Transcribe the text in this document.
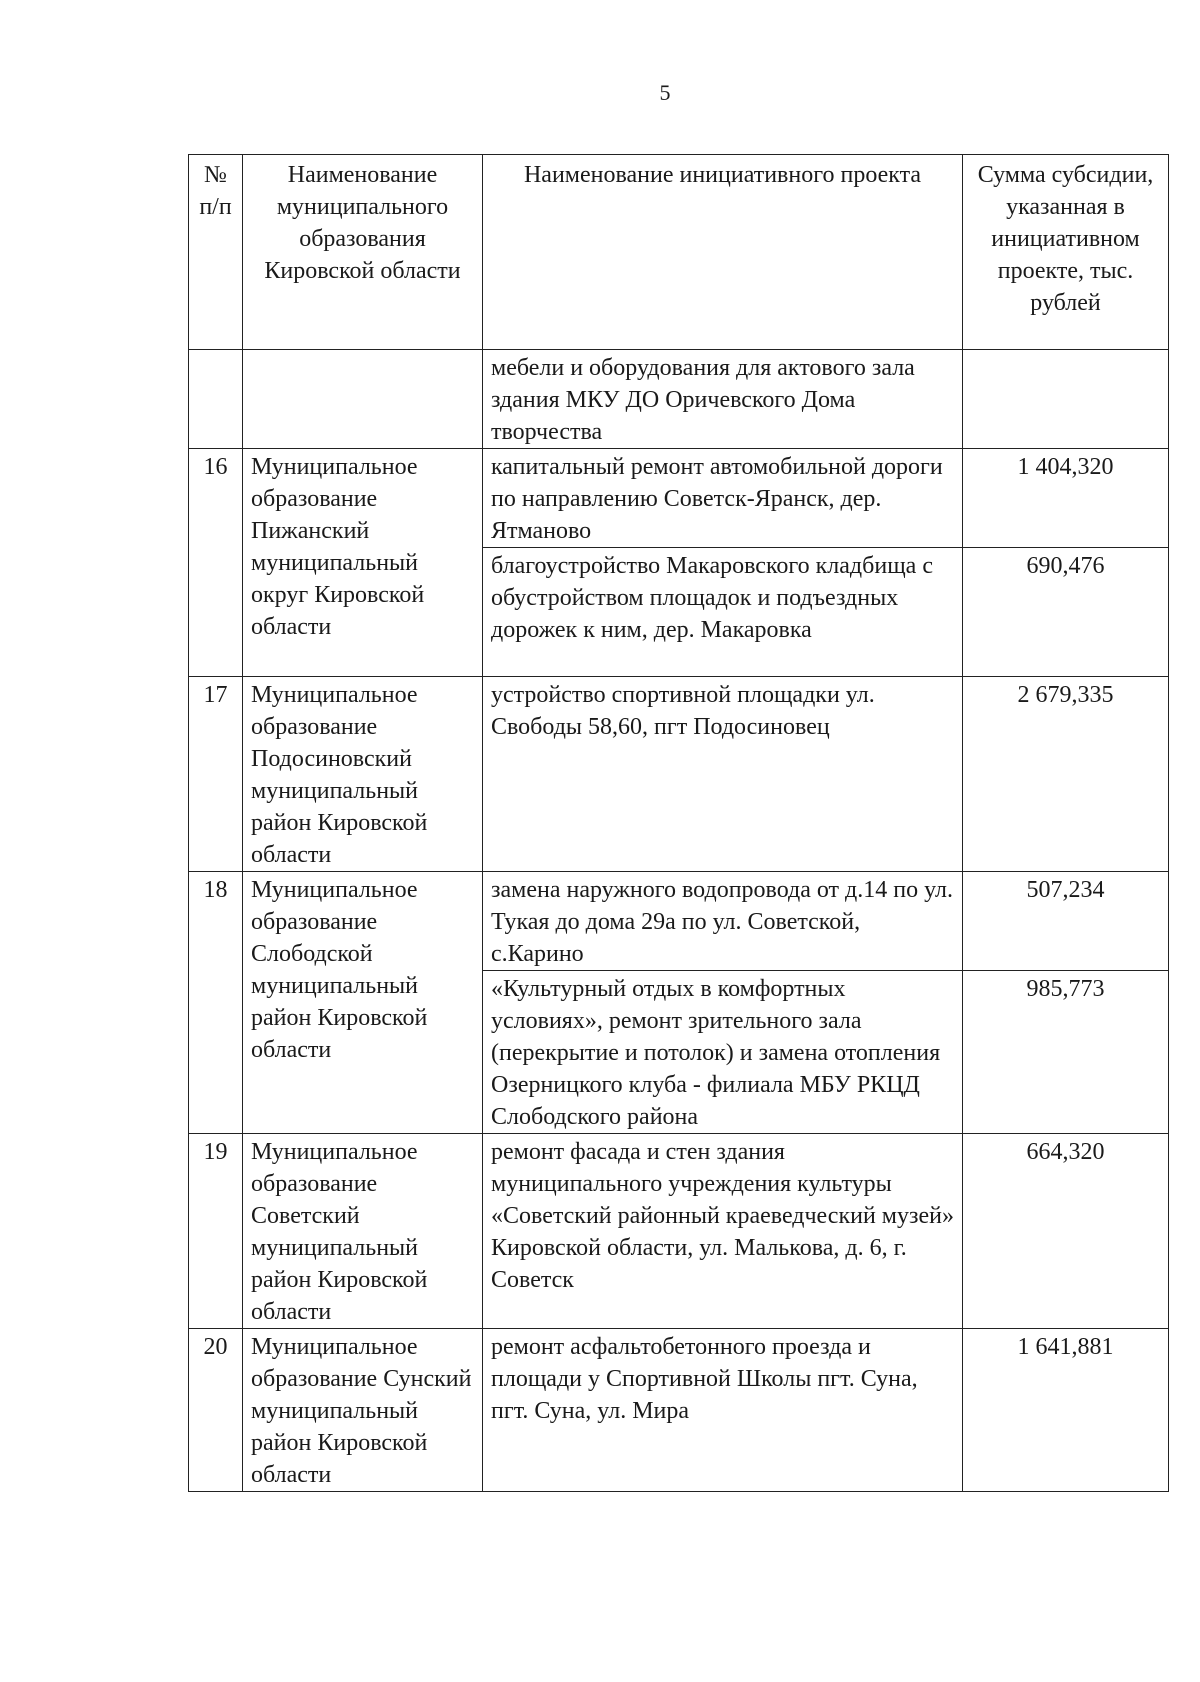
5
№ п/п	Наименование муниципального образования Кировской области	Наименование инициативного проекта	Сумма субсидии, указанная в инициативном проекте, тыс. рублей
		мебели и оборудования для актового зала здания МКУ ДО Оричевского Дома творчества	
16	Муниципальное образование Пижанский муниципальный округ Кировской области	капитальный ремонт автомобильной дороги по направлению Советск-Яранск, дер. Ятманово	1 404,320
		благоустройство Макаровского кладбища с обустройством площадок и подъездных дорожек к ним, дер. Макаровка	690,476
17	Муниципальное образование Подосиновский муниципальный район Кировской области	устройство спортивной площадки ул. Свободы 58,60, пгт Подосиновец	2 679,335
18	Муниципальное образование Слободской муниципальный район Кировской области	замена наружного водопровода от д.14 по ул. Тукая до дома 29а по ул. Советской, с.Карино	507,234
		«Культурный отдых в комфортных условиях», ремонт зрительного зала (перекрытие и потолок) и замена отопления Озерницкого клуба - филиала МБУ РКЦД Слободского района	985,773
19	Муниципальное образование Советский муниципальный район Кировской области	ремонт фасада и стен здания муниципального учреждения культуры «Советский районный краеведческий музей» Кировской области, ул. Малькова, д. 6, г. Советск	664,320
20	Муниципальное образование Сунский муниципальный район Кировской области	ремонт асфальтобетонного проезда и площади у Спортивной Школы пгт. Суна, пгт. Суна, ул. Мира	1 641,881
